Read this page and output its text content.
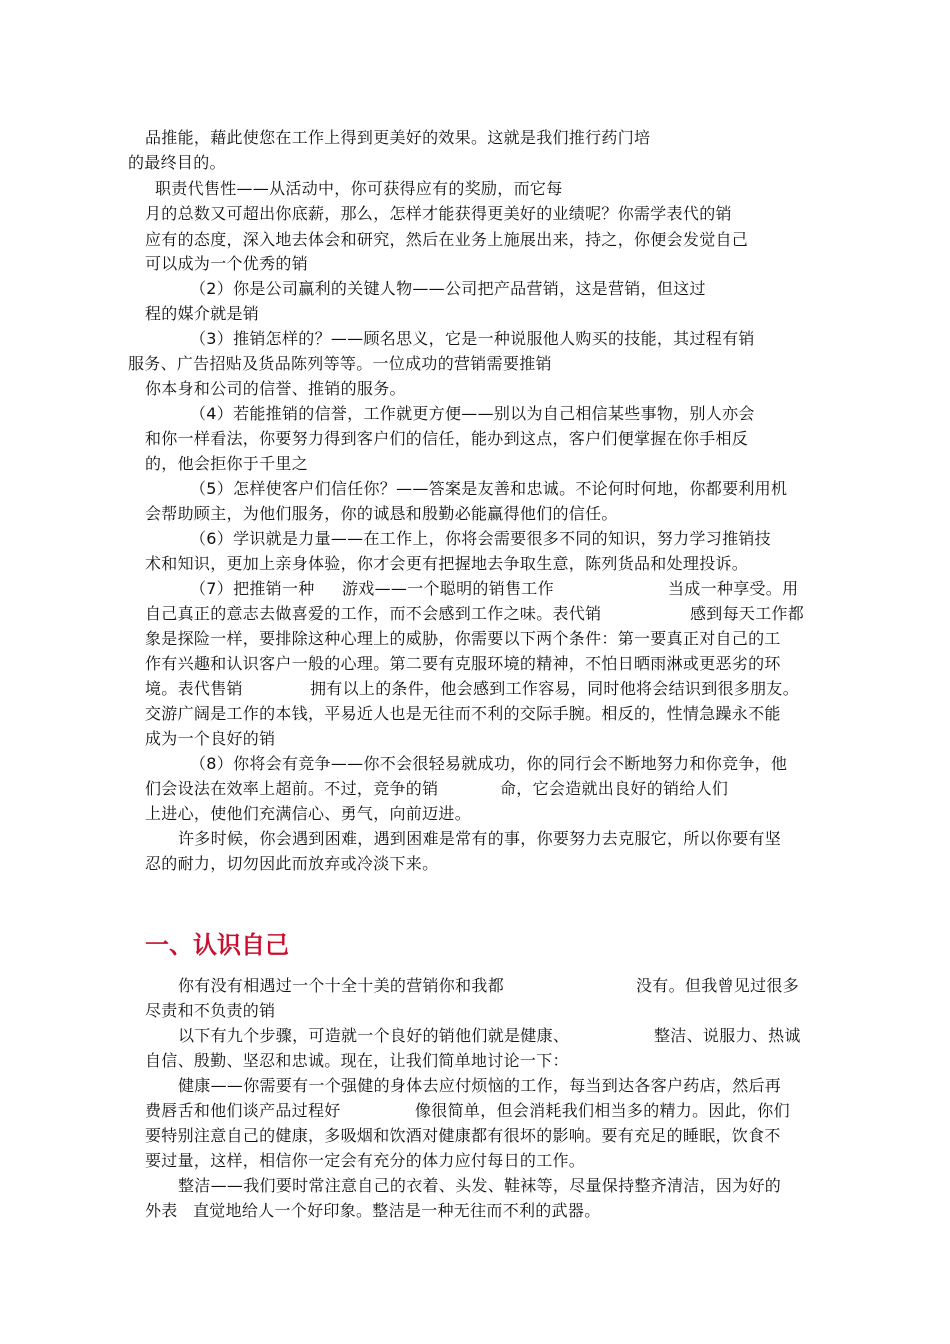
品推能，藉此使您在工作上得到更美好的效果。这就是我们推行药门培
的最终目的。
职责代售性——从活动中，你可获得应有的奖励，而它每
月的总数又可超出你底薪，那么，怎样才能获得更美好的业绩呢？你需学表代的销
应有的态度，深入地去体会和研究，然后在业务上施展出来，持之，你便会发觉自己
可以成为一个优秀的销
（2）你是公司赢利的关键人物——公司把产品营销，这是营销，但这过
程的媒介就是销
（3）推销怎样的？——顾名思义，它是一种说服他人购买的技能，其过程有销
服务、广告招贴及货品陈列等等。一位成功的营销需要推销
你本身和公司的信誉、推销的服务。
（4）若能推销的信誉，工作就更方便——别以为自己相信某些事物，别人亦会
和你一样看法，你要努力得到客户们的信任，能办到这点，客户们便掌握在你手相反
的，他会拒你于千里之
（5）怎样使客户们信任你？——答案是友善和忠诚。不论何时何地，你都要利用机
会帮助顾主，为他们服务，你的诚恳和殷勤必能赢得他们的信任。
（6）学识就是力量——在工作上，你将会需要很多不同的知识，努力学习推销技
术和知识，更加上亲身体验，你才会更有把握地去争取生意，陈列货品和处理投诉。
（7）把推销一种 游戏——一个聪明的销售工作	当成一种享受。用
自己真正的意志去做喜爱的工作，而不会感到工作之味。表代销	感到每天工作都
象是探险一样，要排除这种心理上的威胁，你需要以下两个条件：第一要真正对自己的工
作有兴趣和认识客户一般的心理。第二要有克服环境的精神，不怕日晒雨淋或更恶劣的环
境。表代售销	拥有以上的条件，他会感到工作容易，同时他将会结识到很多朋友。
交游广阔是工作的本钱，平易近人也是无往而不利的交际手腕。相反的，性情急躁永不能
成为一个良好的销
（8）你将会有竞争——你不会很轻易就成功，你的同行会不断地努力和你竞争，他
们会设法在效率上超前。不过，竞争的销	命，它会造就出良好的销给人们
上进心，使他们充满信心、勇气，向前迈进。
许多时候，你会遇到困难，遇到困难是常有的事，你要努力去克服它，所以你要有坚
忍的耐力，切勿因此而放弃或冷淡下来。
一、认识自己
你有没有相遇过一个十全十美的营销你和我都	没有。但我曾见过很多
尽责和不负责的销
以下有九个步骤，可造就一个良好的销他们就是健康、	整洁、说服力、热诚
自信、殷勤、坚忍和忠诚。现在，让我们简单地讨论一下：
健康——你需要有一个强健的身体去应付烦恼的工作，每当到达各客户药店，然后再
费唇舌和他们谈产品过程好	像很简单，但会消耗我们相当多的精力。因此，你们
要特别注意自己的健康，多吸烟和饮酒对健康都有很坏的影响。要有充足的睡眠，饮食不
要过量，这样，相信你一定会有充分的体力应付每日的工作。
整洁——我们要时常注意自己的衣着、头发、鞋袜等，尽量保持整齐清洁，因为好的
外表 直觉地给人一个好印象。整洁是一种无往而不利的武器。
